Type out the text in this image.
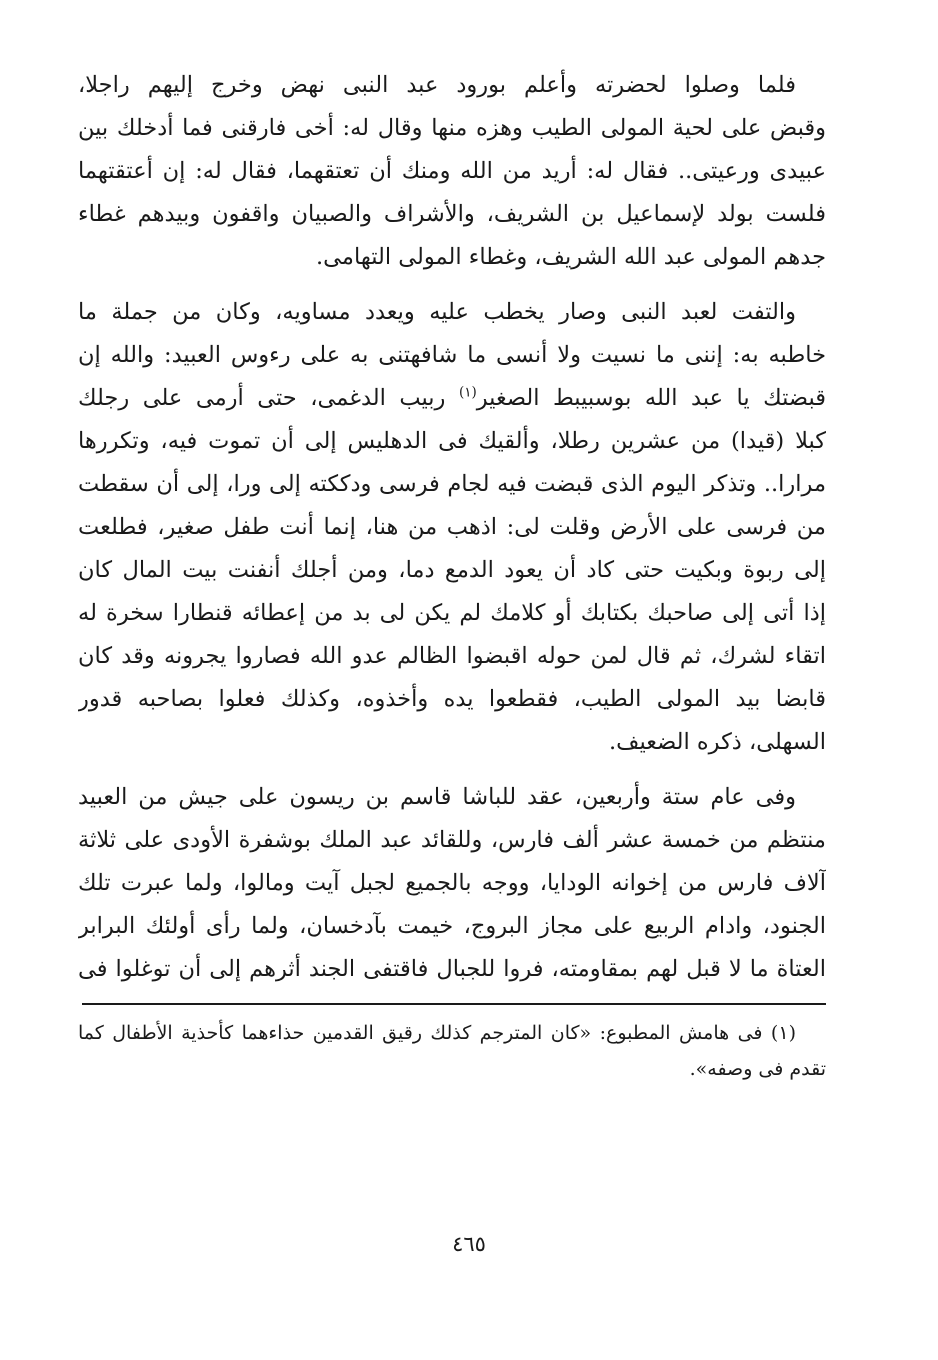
فلما وصلوا لحضرته وأعلم بورود عبد النبى نهض وخرج إليهم راجلا،
وقبض على لحية المولى الطيب وهزه منها وقال له: أخى فارقنى فما أدخلك بين
عبيدى ورعيتى.. فقال له: أريد من الله ومنك أن تعتقهما، فقال له: إن أعتقتهما
فلست بولد لإسماعيل بن الشريف، والأشراف والصبيان واقفون وبيدهم غطاء
جدهم المولى عبد الله الشريف، وغطاء المولى التهامى.
والتفت لعبد النبى وصار يخطب عليه ويعدد مساويه، وكان من جملة ما
خاطبه به: إننى ما نسيت ولا أنسى ما شافهتنى به على رءوس العبيد: والله إن
قبضتك يا عبد الله بوسبيبط الصغير$^{(١)}$ ربيب الدغمى، حتى أرمى على رجلك
كبلا (قيدا) من عشرين رطلا، وألقيك فى الدهليس إلى أن تموت فيه، وتكررها
مرارا.. وتذكر اليوم الذى قبضت فيه لجام فرسى ودككته إلى ورا، إلى أن سقطت
من فرسى على الأرض وقلت لى: اذهب من هنا، إنما أنت طفل صغير، فطلعت
إلى ربوة وبكيت حتى كاد أن يعود الدمع دما، ومن أجلك أنفنت بيت المال كان
إذا أتى إلى صاحبك بكتابك أو كلامك لم يكن لى بد من إعطائه قنطارا سخرة له
اتقاء لشرك، ثم قال لمن حوله اقبضوا الظالم عدو الله فصاروا يجرونه وقد كان
قابضا بيد المولى الطيب، فقطعوا يده وأخذوه، وكذلك فعلوا بصاحبه قدور
السهلى، ذكره الضعيف.
وفى عام ستة وأربعين، عقد للباشا قاسم بن ريسون على جيش من العبيد
منتظم من خمسة عشر ألف فارس، وللقائد عبد الملك بوشفرة الأودى على ثلاثة
آلاف فارس من إخوانه الودايا، ووجه بالجميع لجبل آيت ومالوا، ولما عبرت تلك
الجنود، وادام الربيع على مجاز البروج، خيمت بآدخسان، ولما رأى أولئك البرابر
العتاة ما لا قبل لهم بمقاومته، فروا للجبال فاقتفى الجند أثرهم إلى أن توغلوا فى
(١) فى هامش المطبوع: «كان المترجم كذلك رقيق القدمين حذاءهما كأحذية الأطفال كما
تقدم فى وصفه».
٤٦٥
